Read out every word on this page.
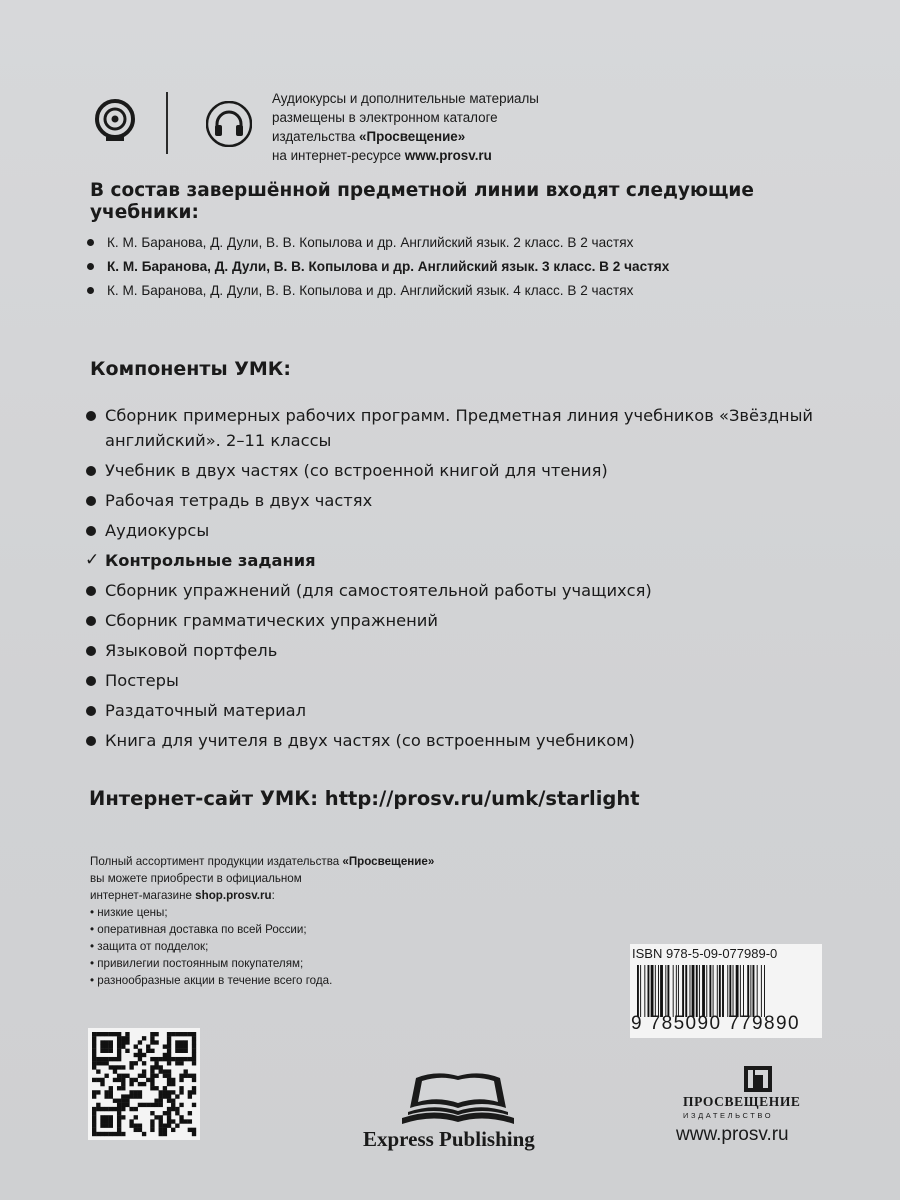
Аудиокурсы и дополнительные материалы

размещены в электронном каталоге

издательства «Просвещение»

на интернет-ресурсе www.prosv.ru

В состав завершённой предметной линии входят следующие учебники:
К. М. Баранова, Д. Дули, В. В. Копылова и др. Английский язык. 2 класс. В 2 частях
К. М. Баранова, Д. Дули, В. В. Копылова и др. Английский язык. 3 класс. В 2 частях
К. М. Баранова, Д. Дули, В. В. Копылова и др. Английский язык. 4 класс. В 2 частях
Компоненты УМК:
Сборник примерных рабочих программ. Предметная линия учебников «Звёздный английский». 2–11 классы
Учебник в двух частях (со встроенной книгой для чтения)
Рабочая тетрадь в двух частях
Аудиокурсы
✓ Контрольные задания
Сборник упражнений (для самостоятельной работы учащихся)
Сборник грамматических упражнений
Языковой портфель
Постеры
Раздаточный материал
Книга для учителя в двух частях (со встроенным учебником)
Интернет-сайт УМК: http://prosv.ru/umk/starlight

Полный ассортимент продукции издательства «Просвещение»

вы можете приобрести в официальном

интернет-магазине shop.prosv.ru:

• низкие цены;
• оперативная доставка по всей России;
• защита от подделок;
• привилегии постоянным покупателям;
• разнообразные акции в течение всего года.
ISBN 978-5-09-077989-0
9 785090 779890
Express Publishing
ПРОСВЕЩЕНИЕ
ИЗДАТЕЛЬСТВО
www.prosv.ru
